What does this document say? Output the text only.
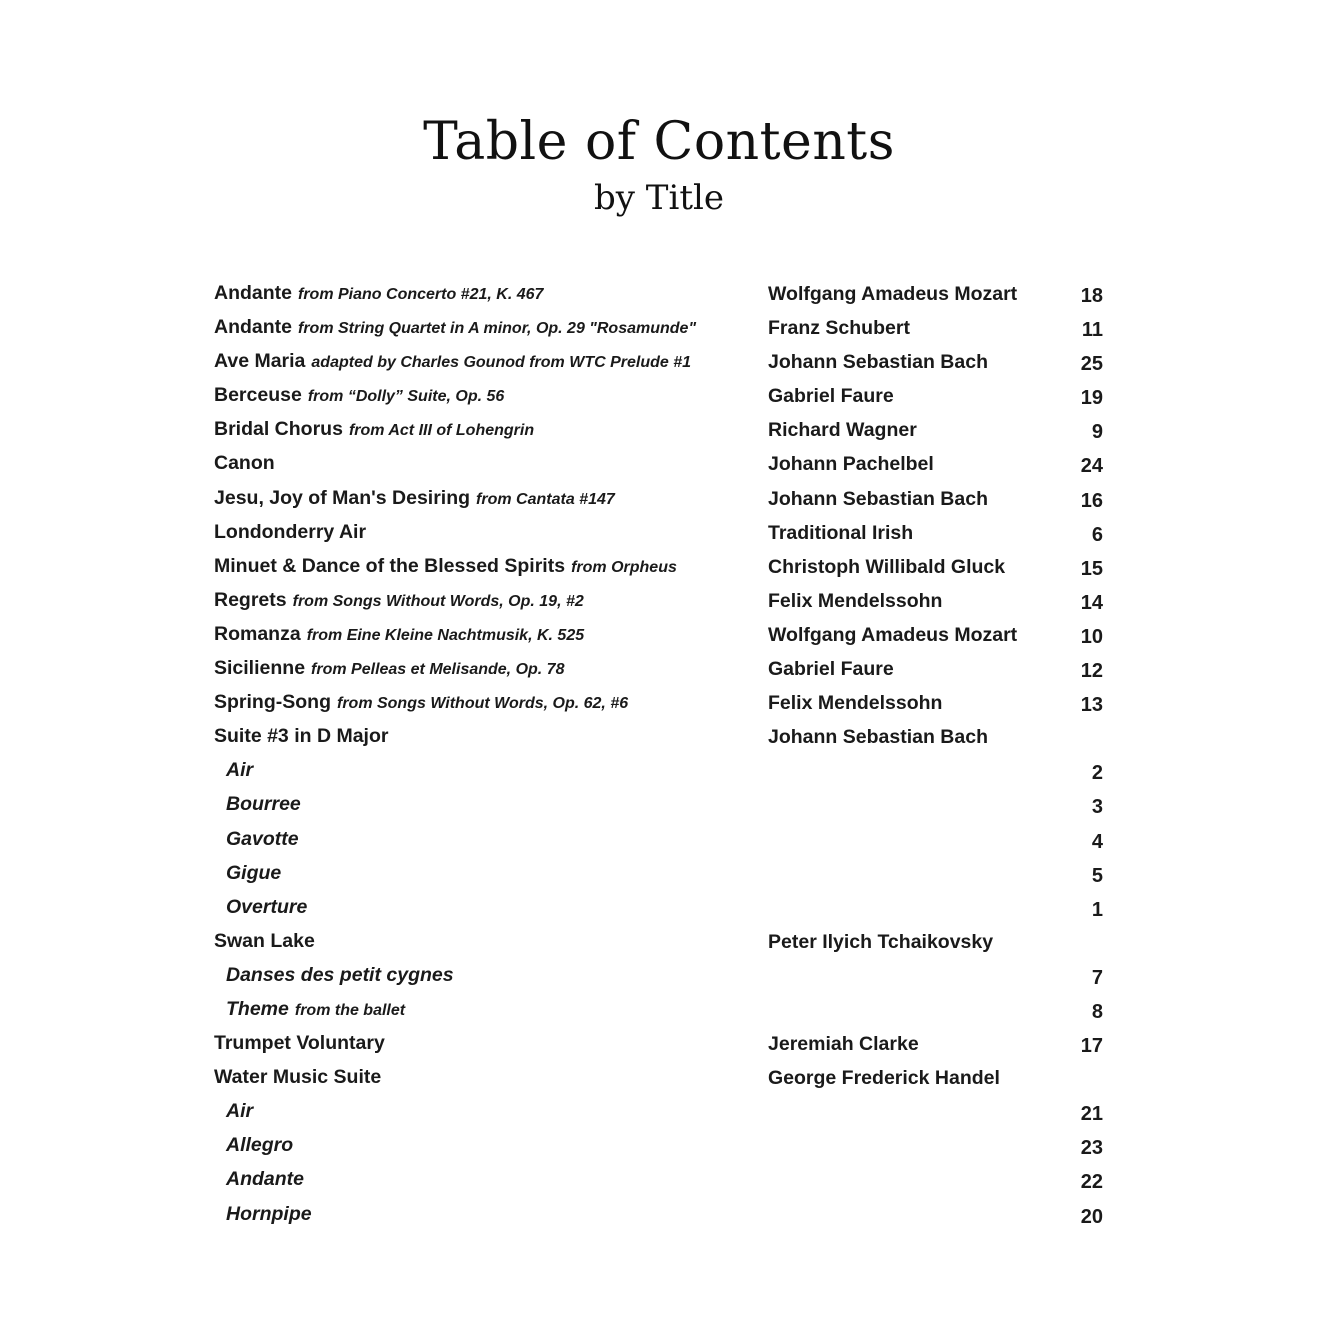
Table of Contents
by Title
Andante from Piano Concerto #21, K. 467	Wolfgang Amadeus Mozart	18
Andante from String Quartet in A minor, Op. 29 "Rosamunde"	Franz Schubert	11
Ave Maria adapted by Charles Gounod from WTC Prelude #1	Johann Sebastian Bach	25
Berceuse from “Dolly” Suite, Op. 56	Gabriel Faure	19
Bridal Chorus from Act III of Lohengrin	Richard Wagner	9
Canon	Johann Pachelbel	24
Jesu, Joy of Man's Desiring from Cantata #147	Johann Sebastian Bach	16
Londonderry Air	Traditional Irish	6
Minuet & Dance of the Blessed Spirits from Orpheus	Christoph Willibald Gluck	15
Regrets from Songs Without Words, Op. 19, #2	Felix Mendelssohn	14
Romanza from Eine Kleine Nachtmusik, K. 525	Wolfgang Amadeus Mozart	10
Sicilienne from Pelleas et Melisande, Op. 78	Gabriel Faure	12
Spring-Song from Songs Without Words, Op. 62, #6	Felix Mendelssohn	13
Suite #3 in D Major	Johann Sebastian Bach
Air	2
Bourree	3
Gavotte	4
Gigue	5
Overture	1
Swan Lake	Peter Ilyich Tchaikovsky
Danses des petit cygnes	7
Theme from the ballet	8
Trumpet Voluntary	Jeremiah Clarke	17
Water Music Suite	George Frederick Handel
Air	21
Allegro	23
Andante	22
Hornpipe	20
